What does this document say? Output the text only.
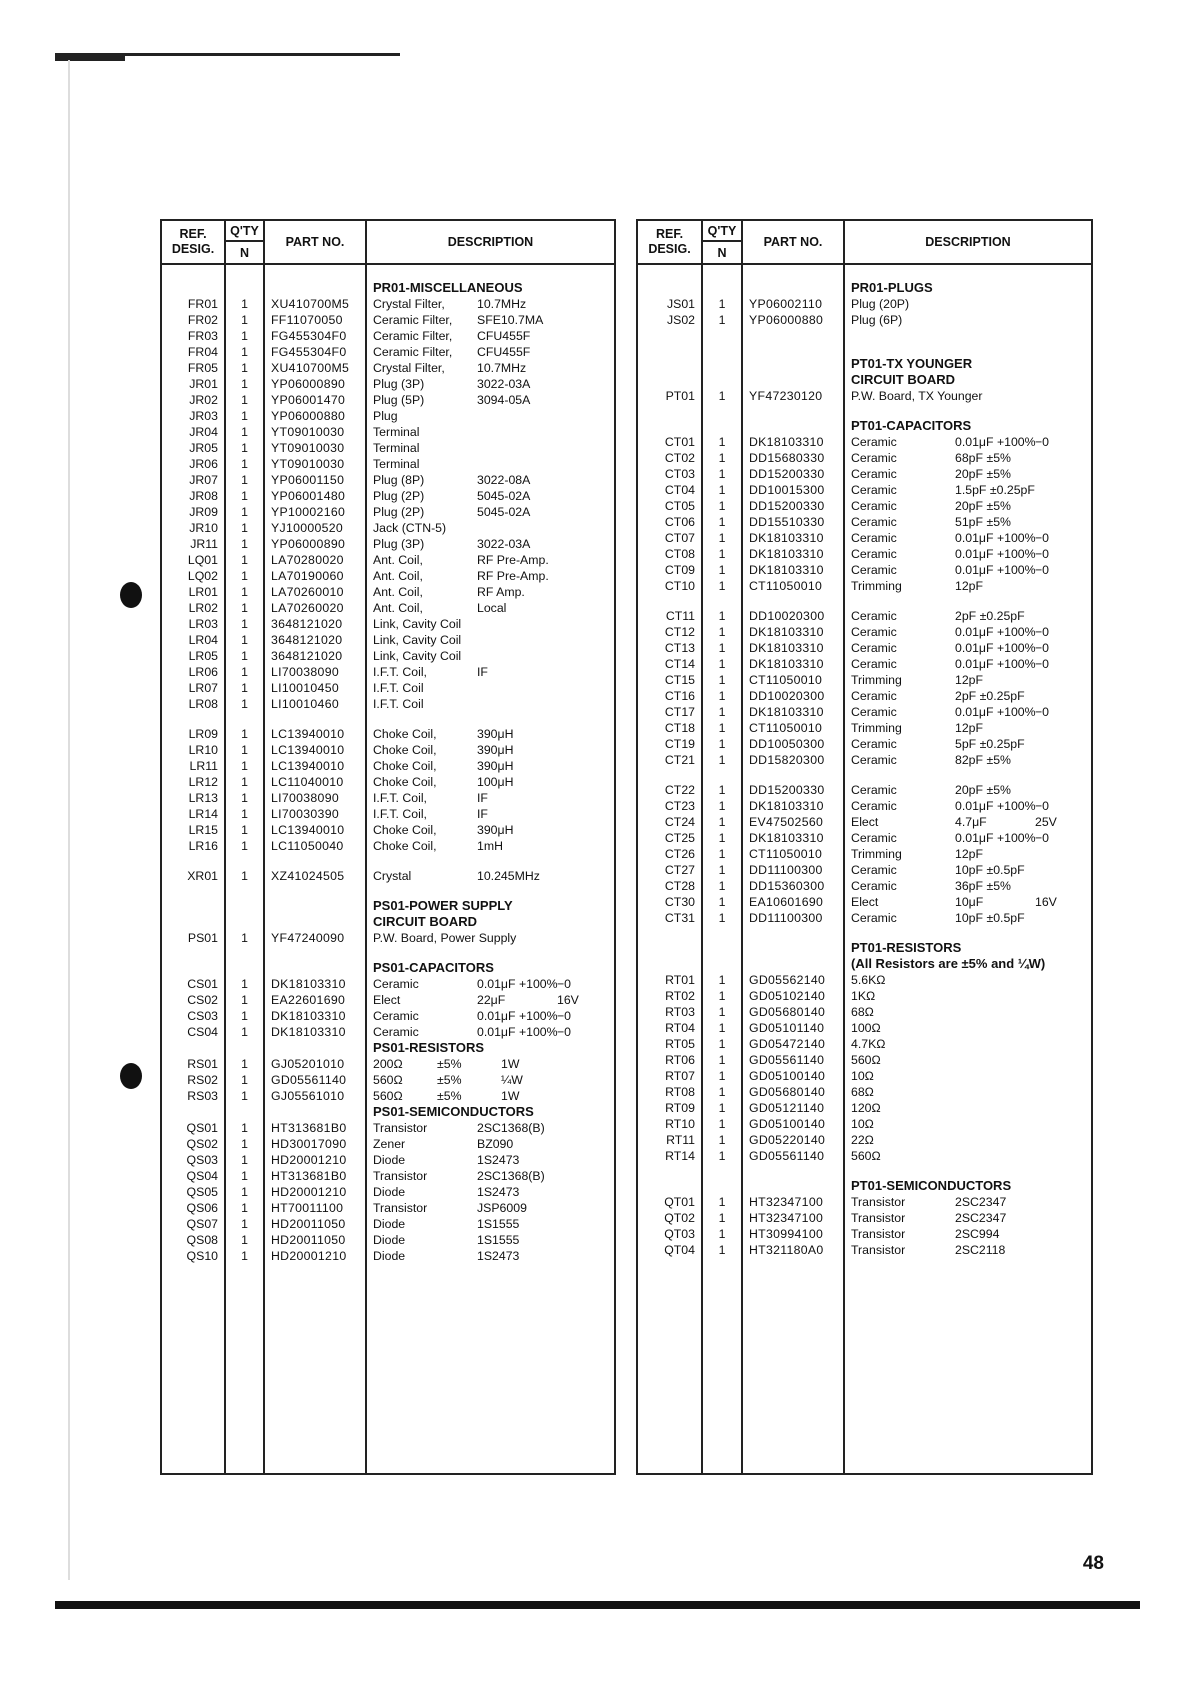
REF.
DESIG.	Q'TY
N	PART NO.	DESCRIPTION

			PR01-MISCELLANEOUS
FR01	1	XU410700M5	Crystal Filter, 10.7MHz
FR02	1	FF11070050	Ceramic Filter, SFE10.7MA
FR03	1	FG455304F0	Ceramic Filter, CFU455F
FR04	1	FG455304F0	Ceramic Filter, CFU455F
FR05	1	XU410700M5	Crystal Filter, 10.7MHz
JR01	1	YP06000890	Plug (3P) 3022-03A
JR02	1	YP06001470	Plug (5P) 3094-05A
JR03	1	YP06000880	Plug
JR04	1	YT09010030	Terminal
JR05	1	YT09010030	Terminal
JR06	1	YT09010030	Terminal
JR07	1	YP06001150	Plug (8P) 3022-08A
JR08	1	YP06001480	Plug (2P) 5045-02A
JR09	1	YP10002160	Plug (2P) 5045-02A
JR10	1	YJ10000520	Jack (CTN-5)
JR11	1	YP06000890	Plug (3P) 3022-03A
LQ01	1	LA70280020	Ant. Coil, RF Pre-Amp.
LQ02	1	LA70190060	Ant. Coil, RF Pre-Amp.
LR01	1	LA70260010	Ant. Coil, RF Amp.
LR02	1	LA70260020	Ant. Coil, Local
LR03	1	3648121020	Link, Cavity Coil
LR04	1	3648121020	Link, Cavity Coil
LR05	1	3648121020	Link, Cavity Coil
LR06	1	LI70038090	I.F.T. Coil, IF
LR07	1	LI10010450	I.F.T. Coil
LR08	1	LI10010460	I.F.T. Coil

LR09	1	LC13940010	Choke Coil, 390μH
LR10	1	LC13940010	Choke Coil, 390μH
LR11	1	LC13940010	Choke Coil, 390μH
LR12	1	LC11040010	Choke Coil, 100μH
LR13	1	LI70038090	I.F.T. Coil, IF
LR14	1	LI70030390	I.F.T. Coil, IF
LR15	1	LC13940010	Choke Coil, 390μH
LR16	1	LC11050040	Choke Coil, 1mH

XR01	1	XZ41024505	Crystal 10.245MHz

			PS01-POWER SUPPLY
			CIRCUIT BOARD
PS01	1	YF47240090	P.W. Board, Power Supply

			PS01-CAPACITORS
CS01	1	DK18103310	Ceramic 0.01μF +100%−0
CS02	1	EA22601690	Elect 22μF 16V
CS03	1	DK18103310	Ceramic 0.01μF +100%−0
CS04	1	DK18103310	Ceramic 0.01μF +100%−0
			PS01-RESISTORS
RS01	1	GJ05201010	200Ω ±5% 1W
RS02	1	GD05561140	560Ω ±5% ¼W
RS03	1	GJ05561010	560Ω ±5% 1W
			PS01-SEMICONDUCTORS
QS01	1	HT313681B0	Transistor 2SC1368(B)
QS02	1	HD30017090	Zener BZ090
QS03	1	HD20001210	Diode 1S2473
QS04	1	HT313681B0	Transistor 2SC1368(B)
QS05	1	HD20001210	Diode 1S2473
QS06	1	HT70011100	Transistor JSP6009
QS07	1	HD20011050	Diode 1S1555
QS08	1	HD20011050	Diode 1S1555
QS10	1	HD20001210	Diode 1S2473

REF.
DESIG.	Q'TY
N	PART NO.	DESCRIPTION

			PR01-PLUGS
JS01	1	YP06002110	Plug (20P)
JS02	1	YP06000880	Plug (6P)

			PT01-TX YOUNGER
			CIRCUIT BOARD
PT01	1	YF47230120	P.W. Board, TX Younger

			PT01-CAPACITORS
CT01	1	DK18103310	Ceramic 0.01μF +100%−0
CT02	1	DD15680330	Ceramic 68pF ±5%
CT03	1	DD15200330	Ceramic 20pF ±5%
CT04	1	DD10015300	Ceramic 1.5pF ±0.25pF
CT05	1	DD15200330	Ceramic 20pF ±5%
CT06	1	DD15510330	Ceramic 51pF ±5%
CT07	1	DK18103310	Ceramic 0.01μF +100%−0
CT08	1	DK18103310	Ceramic 0.01μF +100%−0
CT09	1	DK18103310	Ceramic 0.01μF +100%−0
CT10	1	CT11050010	Trimming 12pF

CT11	1	DD10020300	Ceramic 2pF ±0.25pF
CT12	1	DK18103310	Ceramic 0.01μF +100%−0
CT13	1	DK18103310	Ceramic 0.01μF +100%−0
CT14	1	DK18103310	Ceramic 0.01μF +100%−0
CT15	1	CT11050010	Trimming 12pF
CT16	1	DD10020300	Ceramic 2pF ±0.25pF
CT17	1	DK18103310	Ceramic 0.01μF +100%−0
CT18	1	CT11050010	Trimming 12pF
CT19	1	DD10050300	Ceramic 5pF ±0.25pF
CT21	1	DD15820300	Ceramic 82pF ±5%

CT22	1	DD15200330	Ceramic 20pF ±5%
CT23	1	DK18103310	Ceramic 0.01μF +100%−0
CT24	1	EV47502560	Elect 4.7μF 25V
CT25	1	DK18103310	Ceramic 0.01μF +100%−0
CT26	1	CT11050010	Trimming 12pF
CT27	1	DD11100300	Ceramic 10pF ±0.5pF
CT28	1	DD15360300	Ceramic 36pF ±5%
CT30	1	EA10601690	Elect 10μF 16V
CT31	1	DD11100300	Ceramic 10pF ±0.5pF

			PT01-RESISTORS
			(All Resistors are ±5% and ¼W)
RT01	1	GD05562140	5.6KΩ
RT02	1	GD05102140	1KΩ
RT03	1	GD05680140	68Ω
RT04	1	GD05101140	100Ω
RT05	1	GD05472140	4.7KΩ
RT06	1	GD05561140	560Ω
RT07	1	GD05100140	10Ω
RT08	1	GD05680140	68Ω
RT09	1	GD05121140	120Ω
RT10	1	GD05100140	10Ω
RT11	1	GD05220140	22Ω
RT14	1	GD05561140	560Ω

			PT01-SEMICONDUCTORS
QT01	1	HT32347100	Transistor 2SC2347
QT02	1	HT32347100	Transistor 2SC2347
QT03	1	HT30994100	Transistor 2SC994
QT04	1	HT321180A0	Transistor 2SC2118

48
